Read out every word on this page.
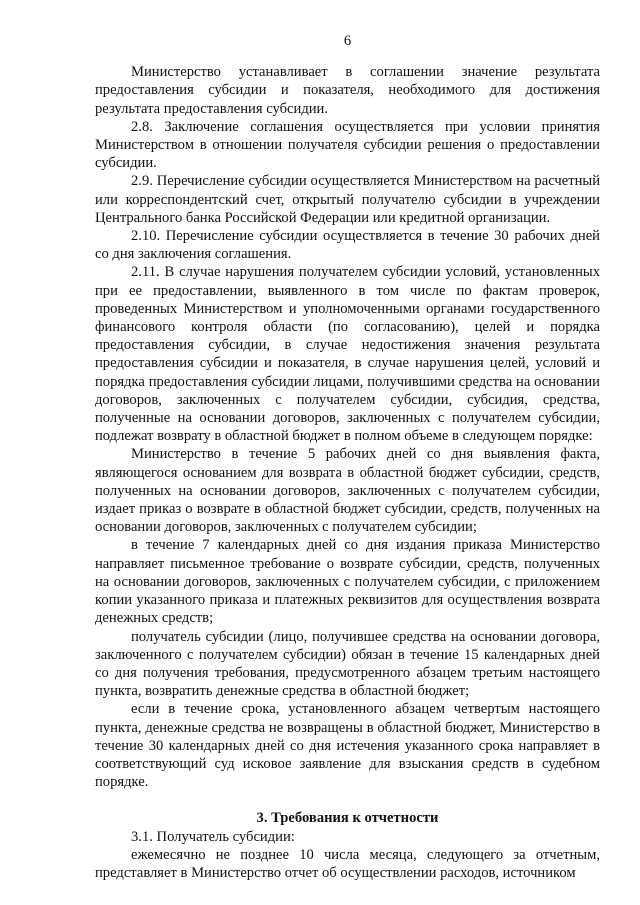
6

Министерство устанавливает в соглашении значение результата предоставления субсидии и показателя, необходимого для достижения результата предоставления субсидии.

2.8. Заключение соглашения осуществляется при условии принятия Министерством в отношении получателя субсидии решения о предоставлении субсидии.

2.9. Перечисление субсидии осуществляется Министерством на расчетный или корреспондентский счет, открытый получателю субсидии в учреждении Центрального банка Российской Федерации или кредитной организации.

2.10. Перечисление субсидии осуществляется в течение 30 рабочих дней со дня заключения соглашения.

2.11. В случае нарушения получателем субсидии условий, установленных при ее предоставлении, выявленного в том числе по фактам проверок, проведенных Министерством и уполномоченными органами государственного финансового контроля области (по согласованию), целей и порядка предоставления субсидии, в случае недостижения значения результата предоставления субсидии и показателя, в случае нарушения целей, условий и порядка предоставления субсидии лицами, получившими средства на основании договоров, заключенных с получателем субсидии, субсидия, средства, полученные на основании договоров, заключенных с получателем субсидии, подлежат возврату в областной бюджет в полном объеме в следующем порядке:

Министерство в течение 5 рабочих дней со дня выявления факта, являющегося основанием для возврата в областной бюджет субсидии, средств, полученных на основании договоров, заключенных с получателем субсидии, издает приказ о возврате в областной бюджет субсидии, средств, полученных на основании договоров, заключенных с получателем субсидии;

в течение 7 календарных дней со дня издания приказа Министерство направляет письменное требование о возврате субсидии, средств, полученных на основании договоров, заключенных с получателем субсидии, с приложением копии указанного приказа и платежных реквизитов для осуществления возврата денежных средств;

получатель субсидии (лицо, получившее средства на основании договора, заключенного с получателем субсидии) обязан в течение 15 календарных дней со дня получения требования, предусмотренного абзацем третьим настоящего пункта, возвратить денежные средства в областной бюджет;

если в течение срока, установленного абзацем четвертым настоящего пункта, денежные средства не возвращены в областной бюджет, Министерство в течение 30 календарных дней со дня истечения указанного срока направляет в соответствующий суд исковое заявление для взыскания средств в судебном порядке.

3. Требования к отчетности

3.1. Получатель субсидии:

ежемесячно не позднее 10 числа месяца, следующего за отчетным, представляет в Министерство отчет об осуществлении расходов, источником
